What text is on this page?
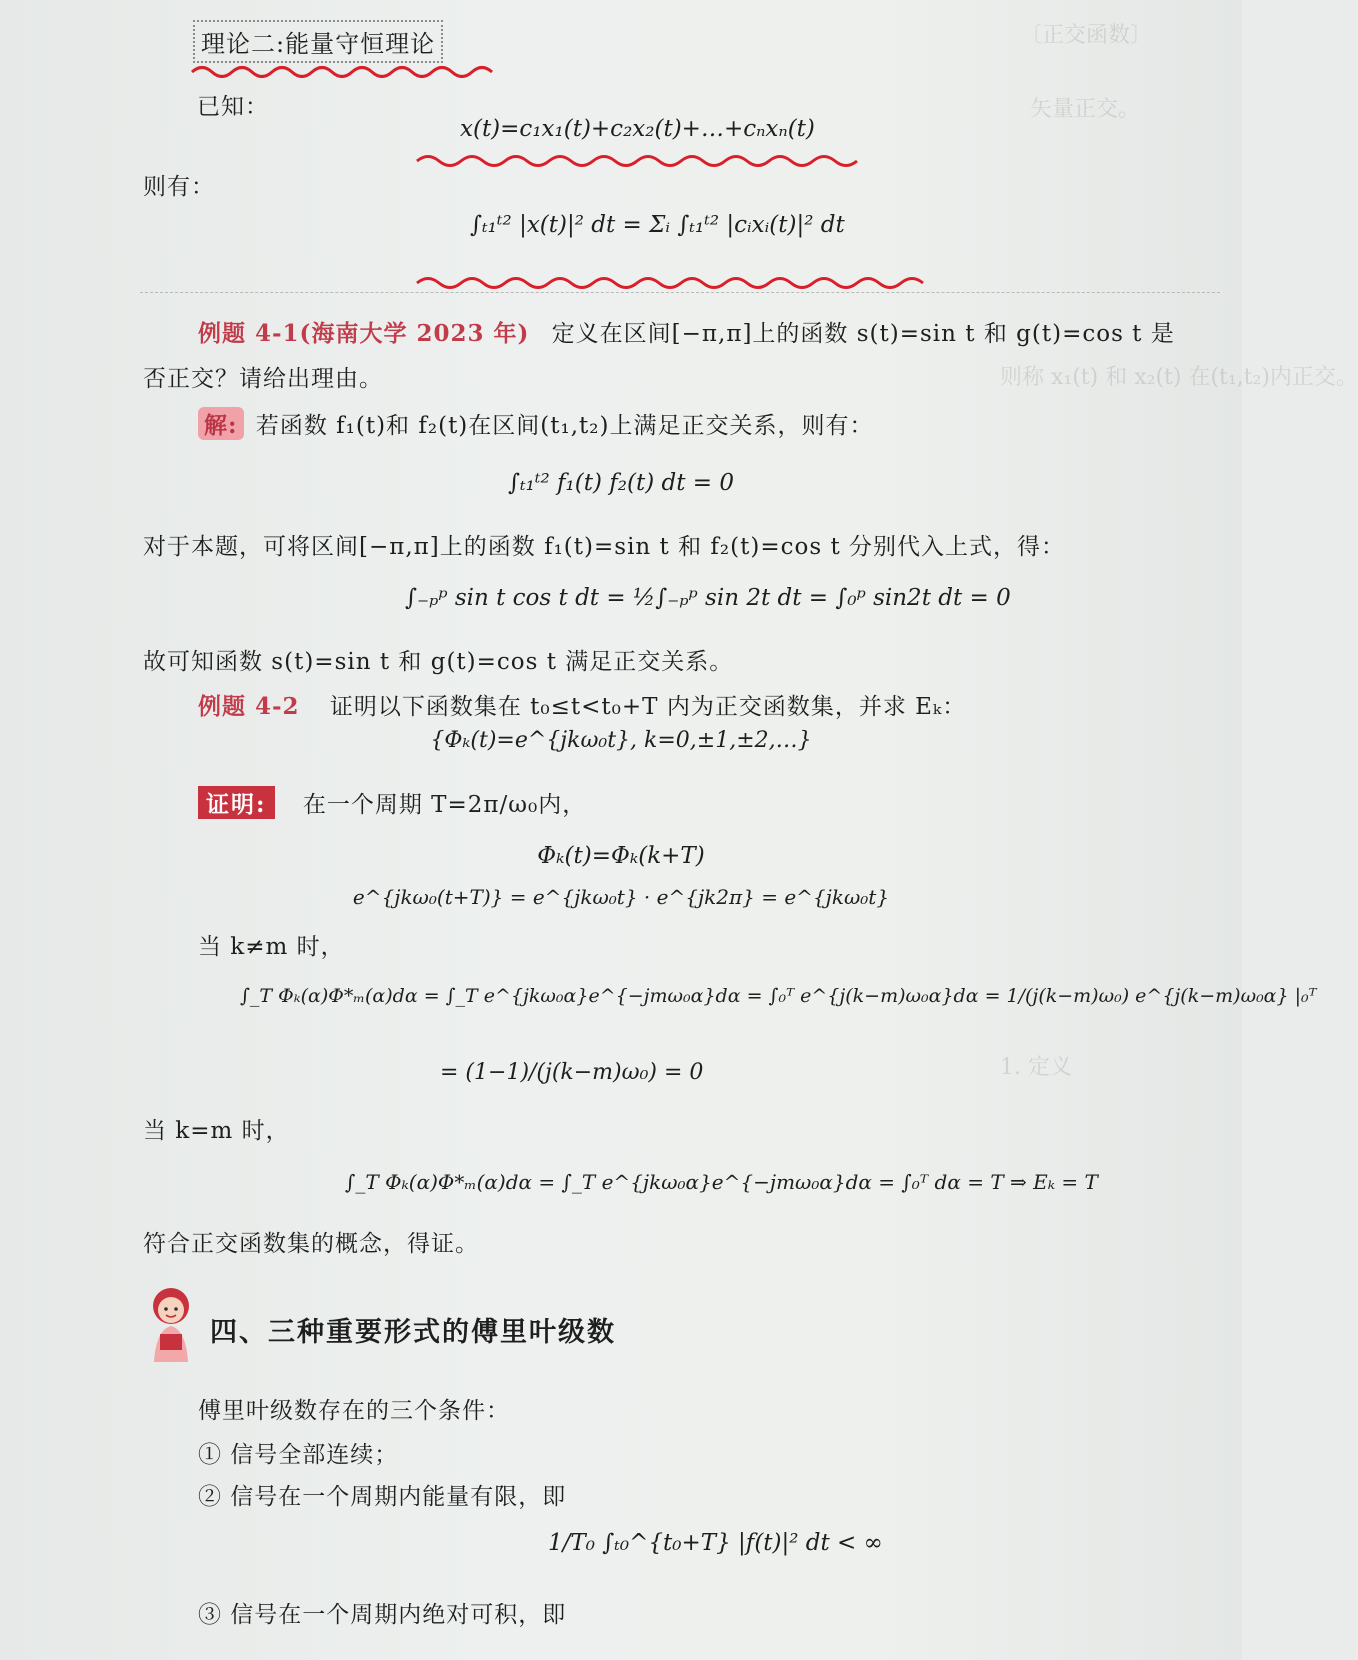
〔正交函数〕
矢量正交。
则称 x₁(t) 和 x₂(t) 在(t₁,t₂)内正交。
1. 定义
理论二:能量守恒理论
已知：
x(t)=c₁x₁(t)+c₂x₂(t)+…+cₙxₙ(t)
则有：
∫ₜ₁ᵗ² |x(t)|² dt = Σᵢ ∫ₜ₁ᵗ² |cᵢxᵢ(t)|² dt
例题 4-1(海南大学 2023 年) 定义在区间[−π,π]上的函数 s(t)=sin t 和 g(t)=cos t 是
否正交？请给出理由。
解: 若函数 f₁(t)和 f₂(t)在区间(t₁,t₂)上满足正交关系，则有：
∫ₜ₁ᵗ² f₁(t) f₂(t) dt = 0
对于本题，可将区间[−π,π]上的函数 f₁(t)=sin t 和 f₂(t)=cos t 分别代入上式，得：
∫₋ₚᵖ sin t cos t dt = ½∫₋ₚᵖ sin 2t dt = ∫₀ᵖ sin2t dt = 0
故可知函数 s(t)=sin t 和 g(t)=cos t 满足正交关系。
例题 4-2 证明以下函数集在 t₀≤t<t₀+T 内为正交函数集，并求 Eₖ：
{Φₖ(t)=e^{jkω₀t}, k=0,±1,±2,…}
证明: 在一个周期 T=2π/ω₀内，
Φₖ(t)=Φₖ(k+T)
e^{jkω₀(t+T)} = e^{jkω₀t} · e^{jk2π} = e^{jkω₀t}
当 k≠m 时，
∫_T Φₖ(α)Φ*ₘ(α)dα = ∫_T e^{jkω₀α}e^{−jmω₀α}dα = ∫₀ᵀ e^{j(k−m)ω₀α}dα = 1/(j(k−m)ω₀) e^{j(k−m)ω₀α} |₀ᵀ
= (1−1)/(j(k−m)ω₀) = 0
当 k=m 时，
∫_T Φₖ(α)Φ*ₘ(α)dα = ∫_T e^{jkω₀α}e^{−jmω₀α}dα = ∫₀ᵀ dα = T ⇒ Eₖ = T
符合正交函数集的概念，得证。
四、三种重要形式的傅里叶级数
傅里叶级数存在的三个条件：
① 信号全部连续；
② 信号在一个周期内能量有限，即
1/T₀ ∫ₜ₀^{t₀+T} |f(t)|² dt < ∞
③ 信号在一个周期内绝对可积，即
